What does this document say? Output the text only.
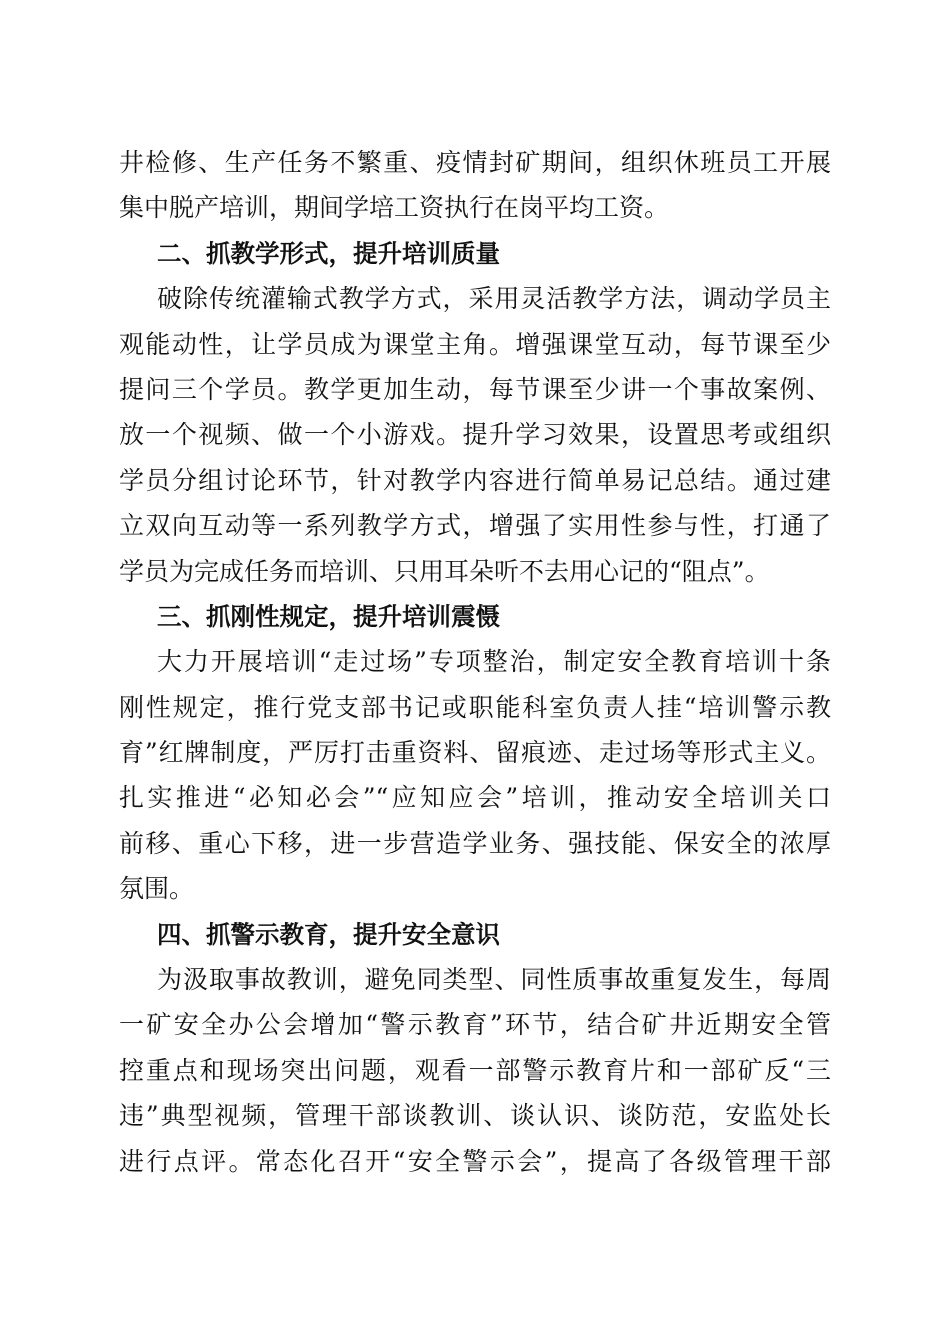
井检修、生产任务不繁重、疫情封矿期间，组织休班员工开展
集中脱产培训，期间学培工资执行在岗平均工资。
二、抓教学形式，提升培训质量
破除传统灌输式教学方式，采用灵活教学方法，调动学员主
观能动性，让学员成为课堂主角。增强课堂互动，每节课至少
提问三个学员。教学更加生动，每节课至少讲一个事故案例、
放一个视频、做一个小游戏。提升学习效果，设置思考或组织
学员分组讨论环节，针对教学内容进行简单易记总结。通过建
立双向互动等一系列教学方式，增强了实用性参与性，打通了
学员为完成任务而培训、只用耳朵听不去用心记的“阻点”。
三、抓刚性规定，提升培训震慑
大力开展培训“走过场”专项整治，制定安全教育培训十条
刚性规定，推行党支部书记或职能科室负责人挂“培训警示教
育”红牌制度，严厉打击重资料、留痕迹、走过场等形式主义。
扎实推进“必知必会”“应知应会”培训，推动安全培训关口
前移、重心下移，进一步营造学业务、强技能、保安全的浓厚
氛围。
四、抓警示教育，提升安全意识
为汲取事故教训，避免同类型、同性质事故重复发生，每周
一矿安全办公会增加“警示教育”环节，结合矿井近期安全管
控重点和现场突出问题，观看一部警示教育片和一部矿反“三
违”典型视频，管理干部谈教训、谈认识、谈防范，安监处长
进行点评。常态化召开“安全警示会”，提高了各级管理干部
